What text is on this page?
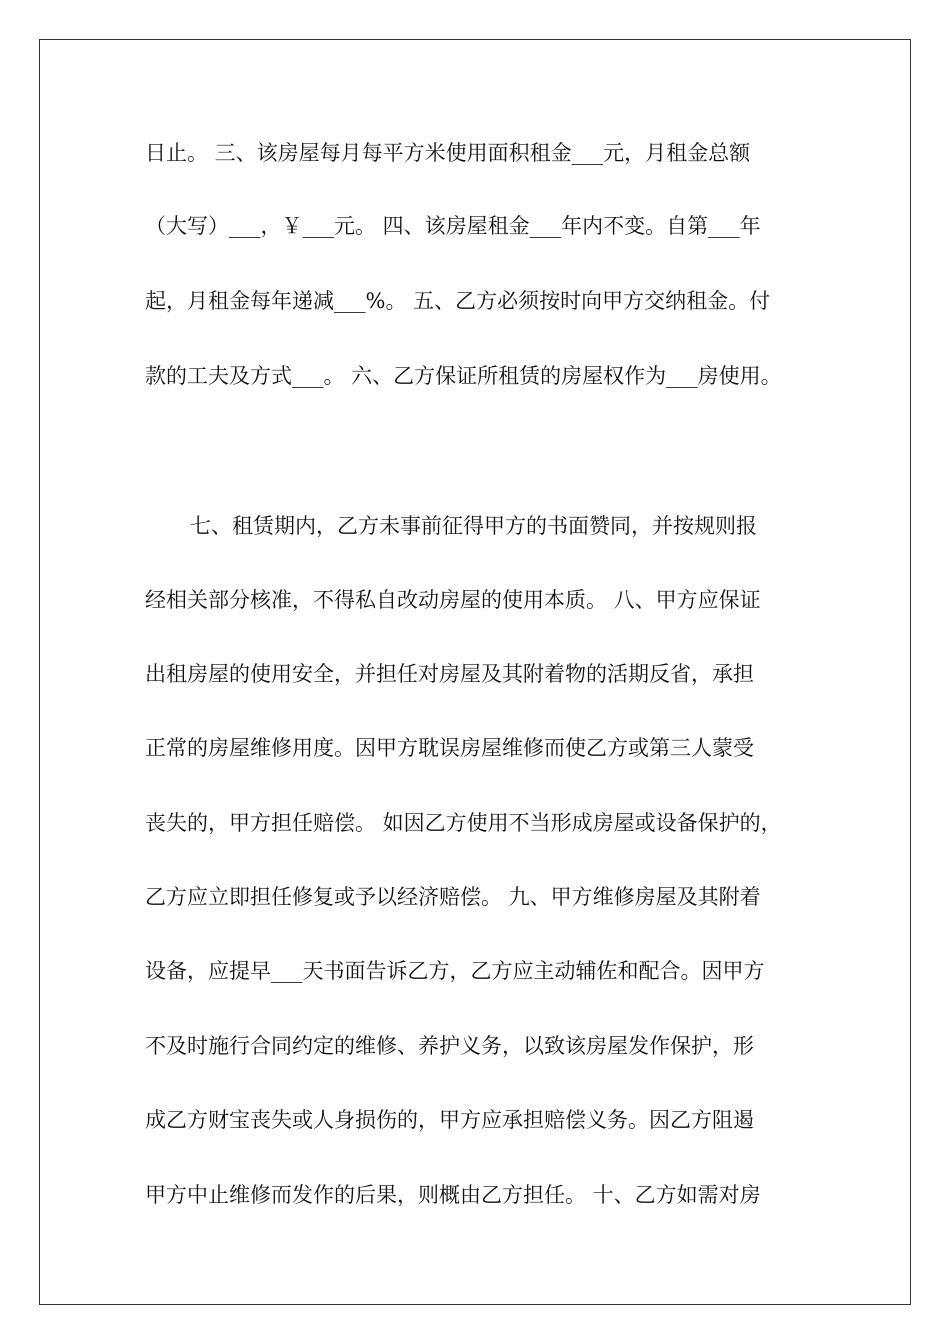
日止。 三、该房屋每月每平方米使用面积租金___元，月租金总额
（大写）___，￥___元。 四、该房屋租金___年内不变。自第___年
起，月租金每年递减___%。 五、乙方必须按时向甲方交纳租金。付
款的工夫及方式___。 六、乙方保证所租赁的房屋权作为___房使用。
七、租赁期内，乙方未事前征得甲方的书面赞同，并按规则报
经相关部分核准，不得私自改动房屋的使用本质。 八、甲方应保证
出租房屋的使用安全，并担任对房屋及其附着物的活期反省，承担
正常的房屋维修用度。因甲方耽误房屋维修而使乙方或第三人蒙受
丧失的，甲方担任赔偿。 如因乙方使用不当形成房屋或设备保护的，
乙方应立即担任修复或予以经济赔偿。 九、甲方维修房屋及其附着
设备，应提早___天书面告诉乙方，乙方应主动辅佐和配合。因甲方
不及时施行合同约定的维修、养护义务，以致该房屋发作保护，形
成乙方财宝丧失或人身损伤的，甲方应承担赔偿义务。因乙方阻遏
甲方中止维修而发作的后果，则概由乙方担任。 十、乙方如需对房
